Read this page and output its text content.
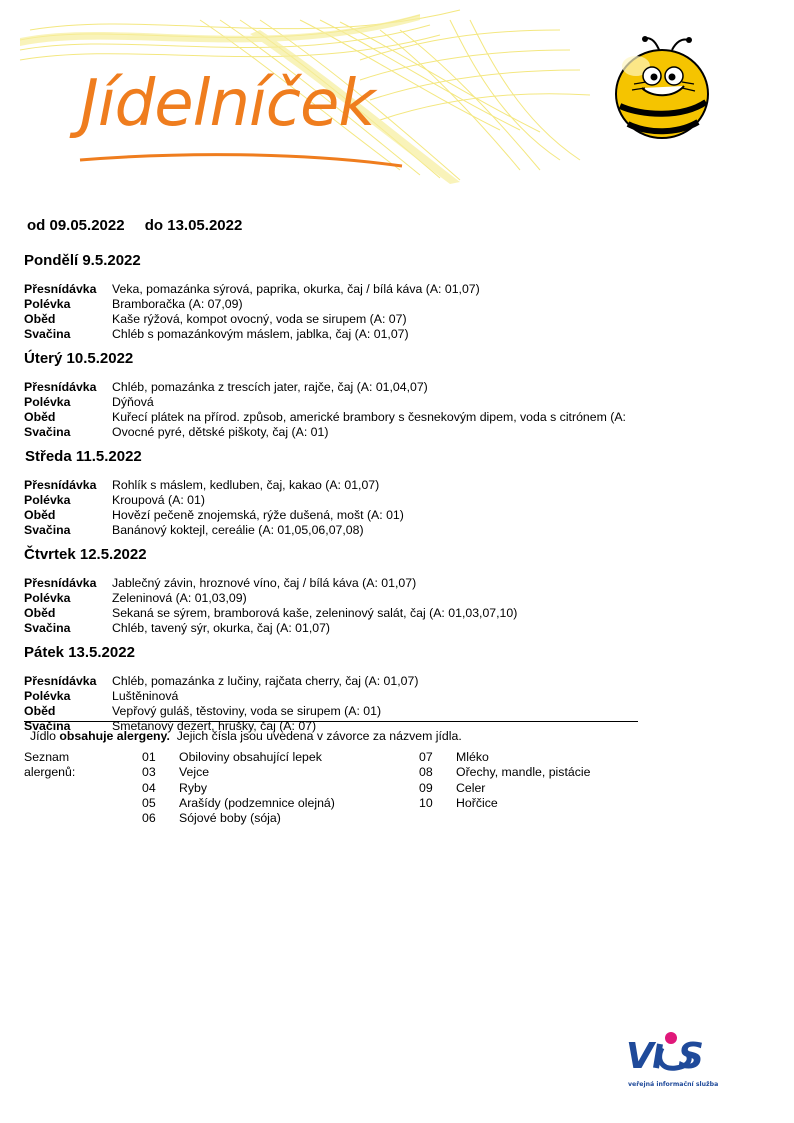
Jídelníček
od 09.05.2022 do 13.05.2022
Pondělí 9.5.2022
Přesnídávka Veka, pomazánka sýrová, paprika, okurka, čaj / bílá káva (A: 01,07)
Polévka	Bramboračka (A: 07,09)
Oběd	Kaše rýžová, kompot ovocný, voda se sirupem (A: 07)
Svačina	Chléb s pomazánkovým máslem, jablka, čaj (A: 01,07)
Úterý 10.5.2022
Přesnídávka Chléb, pomazánka z trescích jater, rajče, čaj (A: 01,04,07)
Polévka	Dýňová
Oběd	Kuřecí plátek na přírod. způsob, americké brambory s česnekovým dipem, voda s citrónem (A:
Svačina	Ovocné pyré, dětské piškoty, čaj (A: 01)
Středa 11.5.2022
Přesnídávka Rohlík s máslem, kedluben, čaj, kakao (A: 01,07)
Polévka	Kroupová (A: 01)
Oběd	Hovězí pečeně znojemská, rýže dušená, mošt (A: 01)
Svačina	Banánový koktejl, cereálie (A: 01,05,06,07,08)
Čtvrtek 12.5.2022
Přesnídávka Jablečný závin, hroznové víno, čaj / bílá káva (A: 01,07)
Polévka	Zeleninová (A: 01,03,09)
Oběd	Sekaná se sýrem, bramborová kaše, zeleninový salát, čaj (A: 01,03,07,10)
Svačina	Chléb, tavený sýr, okurka, čaj (A: 01,07)
Pátek 13.5.2022
Přesnídávka Chléb, pomazánka z lučiny, rajčata cherry, čaj (A: 01,07)
Polévka	Luštěninová
Oběd	Vepřový guláš, těstoviny, voda se sirupem (A: 01)
Svačina	Smetanový dezert, hrušky, čaj (A: 07)
Jídlo obsahuje alergeny.  Jejich čísla jsou uvedena v závorce za názvem jídla.
Seznam alergenů:
01 Obiloviny obsahující lepek
03 Vejce
04 Ryby
05 Arašídy (podzemnice olejná)
06 Sójové boby (sója)
07 Mléko
08 Ořechy, mandle, pistácie
09 Celer
10 Hořčice
V S
veřejná informační služba
